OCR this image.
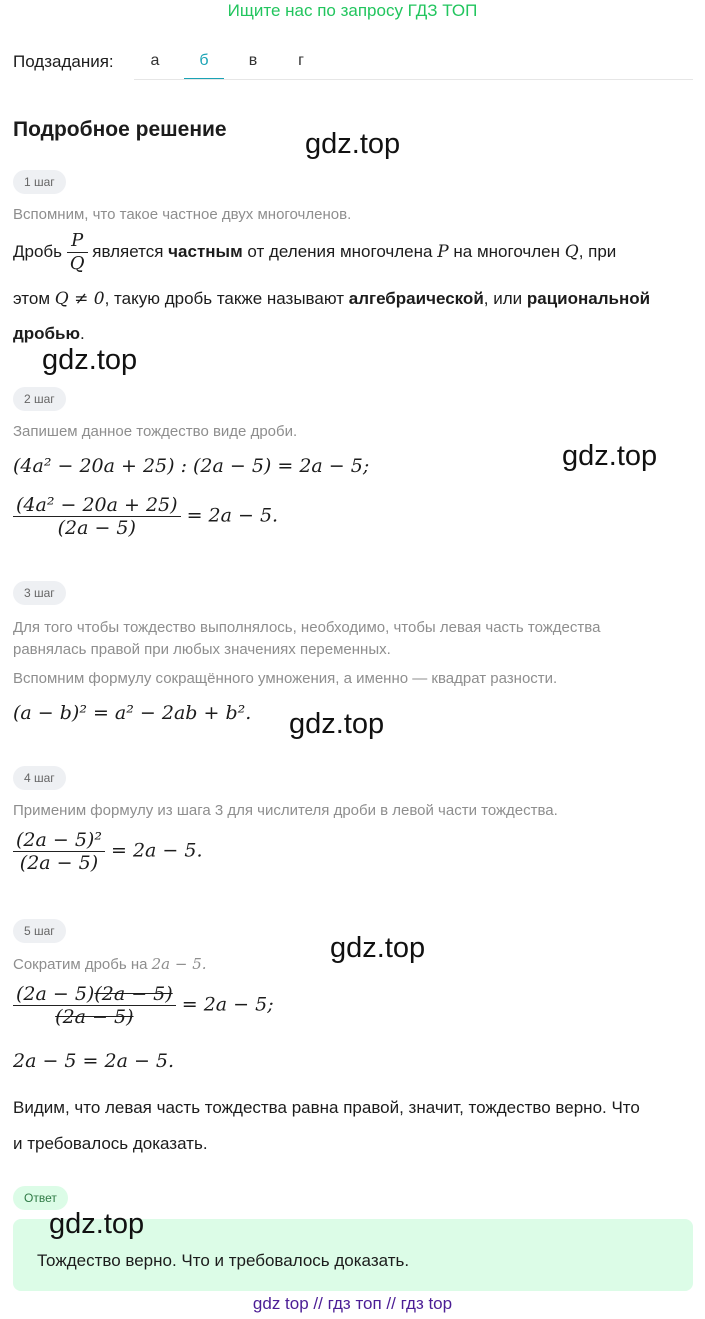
Ищите нас по запросу ГДЗ ТОП
Подзадания:	а	б	в	г
Подробное решение
1 шаг
Вспомним, что такое частное двух многочленов.
Дробь $\frac{P}{Q}$ является частным от деления многочлена P на многочлен Q, при
этом Q ≠ 0, такую дробь также называют алгебраической, или рациональной
дробью.
2 шаг
Запишем данное тождество виде дроби.
(4a² − 20a + 25) : (2a − 5) = 2a − 5;
$\frac{\text{(4a² − 20a + 25)}}{(2a - 5)} = 2a - 5$.
3 шаг
Для того чтобы тождество выполнялось, необходимо, чтобы левая часть тождества равнялась правой при любых значениях переменных.
Вспомним формулу сокращённого умножения, а именно — квадрат разности.
(a − b)² = a² − 2ab + b².
4 шаг
Применим формулу из шага 3 для числителя дроби в левой части тождества.
$\frac{\text{(2a − 5)²}}{(2a - 5)} = 2a - 5$.
5 шаг
Сократим дробь на 2a − 5.
$\frac{(2a - 5)(2a - 5)}{(2a - 5)} = 2a - 5$;
2a − 5 = 2a − 5.
Видим, что левая часть тождества равна правой, значит, тождество верно. Что
и требовалось доказать.
Ответ
Тождество верно. Что и требовалось доказать.
gdz.top
gdz.top
gdz.top
gdz.top
gdz.top
gdz.top
gdz top // гдз топ // гдз top
